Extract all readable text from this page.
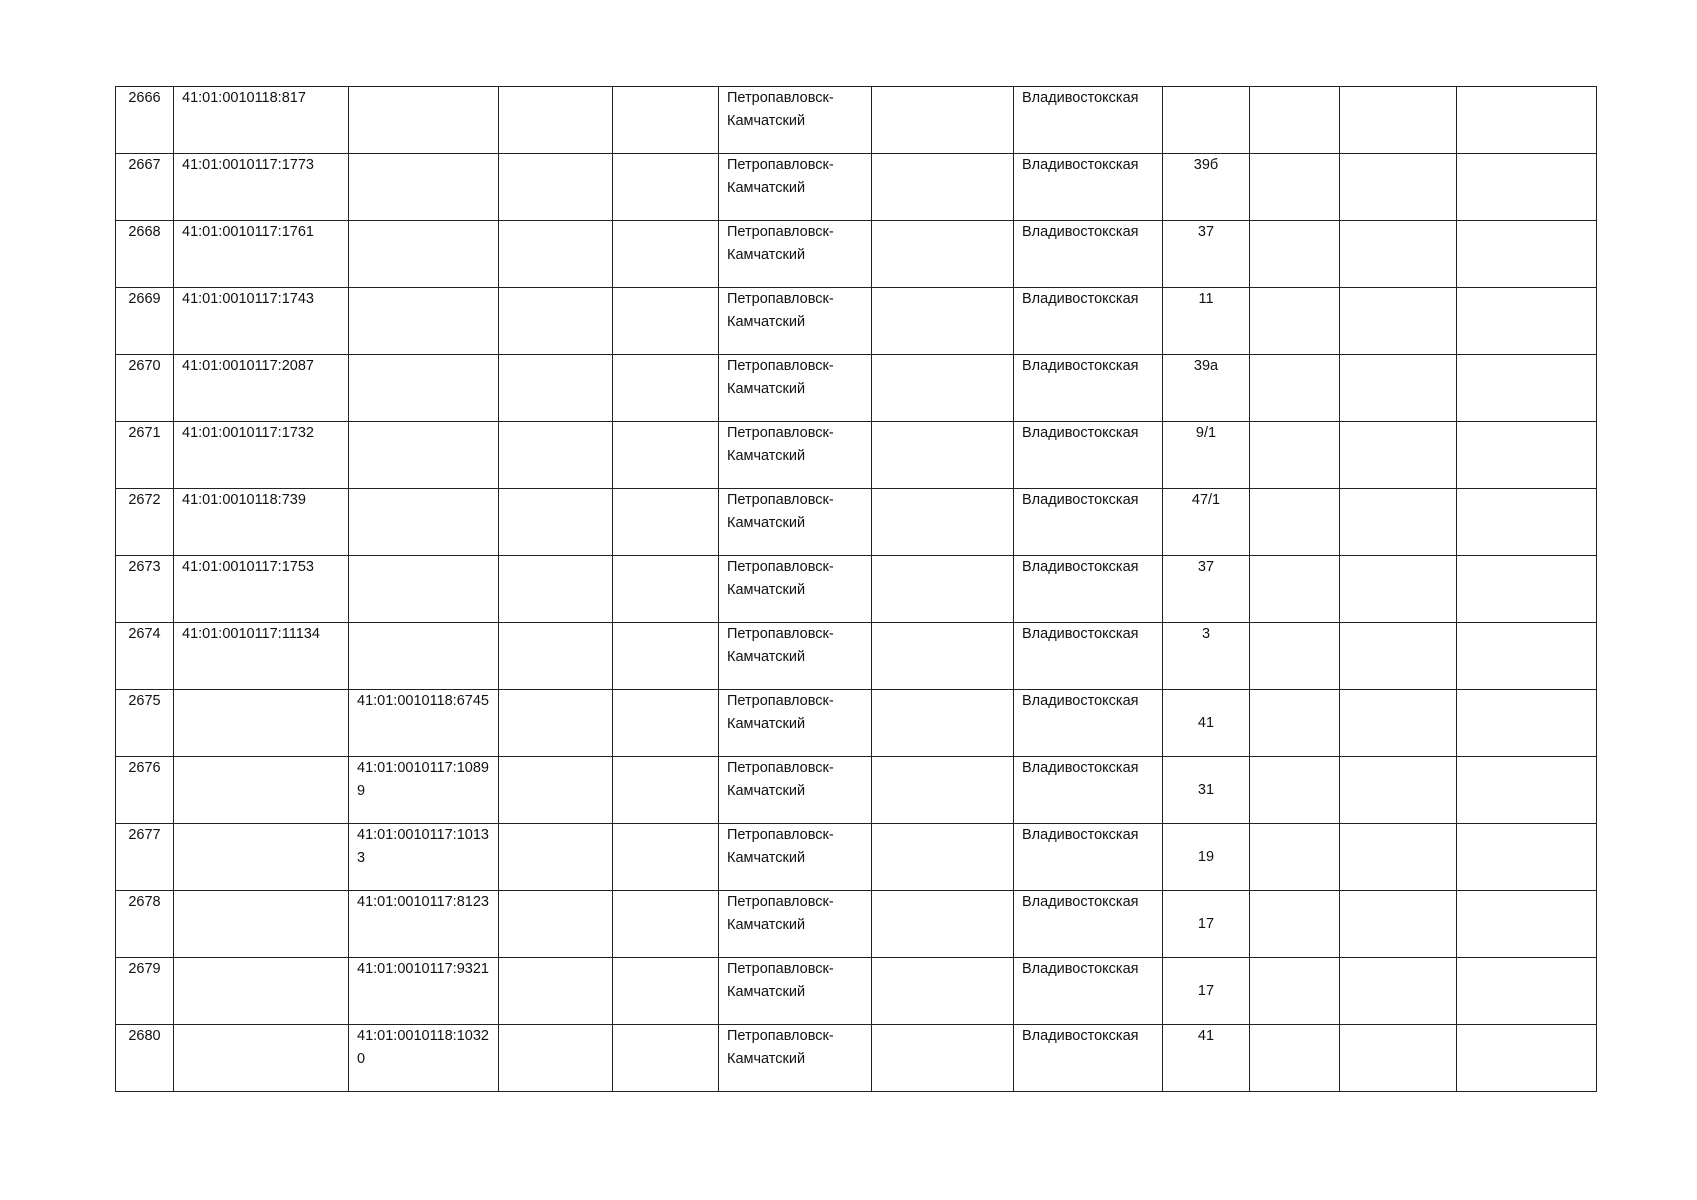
2666	41:01:0010118:817				Петропавловск-Камчатский		Владивостокская				

2667	41:01:0010117:1773				Петропавловск-Камчатский		Владивостокская	39б			

2668	41:01:0010117:1761				Петропавловск-Камчатский		Владивостокская	37			

2669	41:01:0010117:1743				Петропавловск-Камчатский		Владивостокская	11			

2670	41:01:0010117:2087				Петропавловск-Камчатский		Владивостокская	39а			

2671	41:01:0010117:1732				Петропавловск-Камчатский		Владивостокская	9/1			

2672	41:01:0010118:739				Петропавловск-Камчатский		Владивостокская	47/1			

2673	41:01:0010117:1753				Петропавловск-Камчатский		Владивостокская	37			

2674	41:01:0010117:11134				Петропавловск-Камчатский		Владивостокская	3			

2675		41:01:0010118:6745			Петропавловск-Камчатский		Владивостокская	41			

2676		41:01:0010117:10899			Петропавловск-Камчатский		Владивостокская	31			

2677		41:01:0010117:10133			Петропавловск-Камчатский		Владивостокская	19			

2678		41:01:0010117:8123			Петропавловск-Камчатский		Владивостокская	17			

2679		41:01:0010117:9321			Петропавловск-Камчатский		Владивостокская	17			

2680		41:01:0010118:10320			Петропавловск-Камчатский		Владивостокская	41			
